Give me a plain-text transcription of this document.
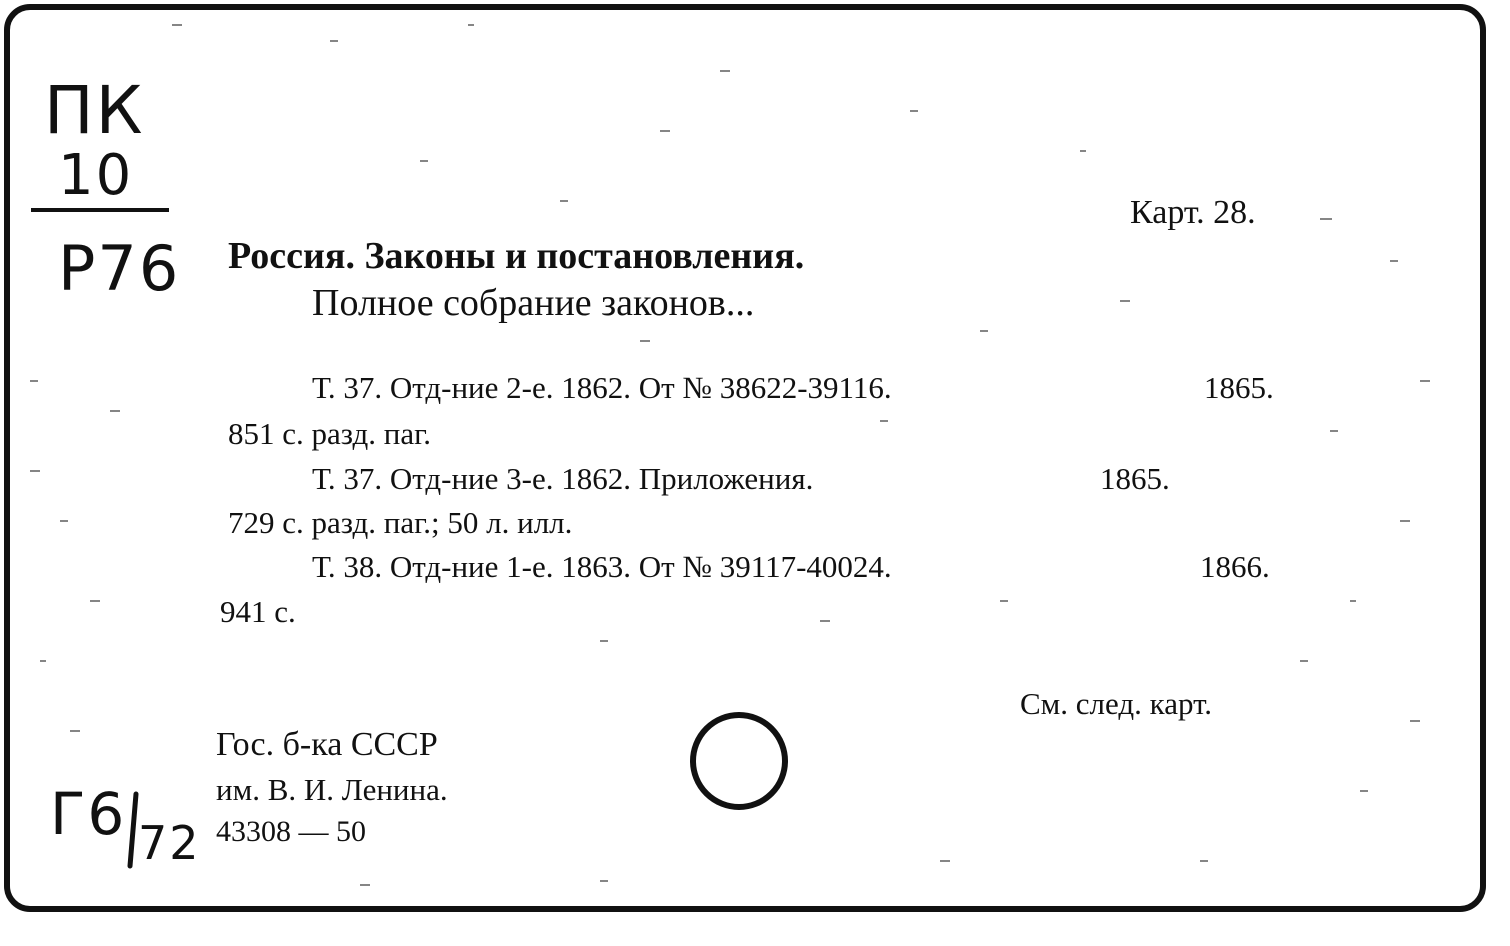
ПК
10
Р76
Карт. 28.
Россия. Законы и постановления.
Полное собрание законов...
Т. 37. Отд-ние 2-е. 1862. От № 38622-39116.	1865.
851 с. разд. паг.
Т. 37. Отд-ние 3-е. 1862. Приложения.	1865.
729 с. разд. паг.; 50 л. илл.
Т. 38. Отд-ние 1-е. 1863. От № 39117-40024.	1866.
941 с.
См. след. карт.
Гос. б-ка СССР
им. В. И. Ленина.
43308 — 50
Г6 72
